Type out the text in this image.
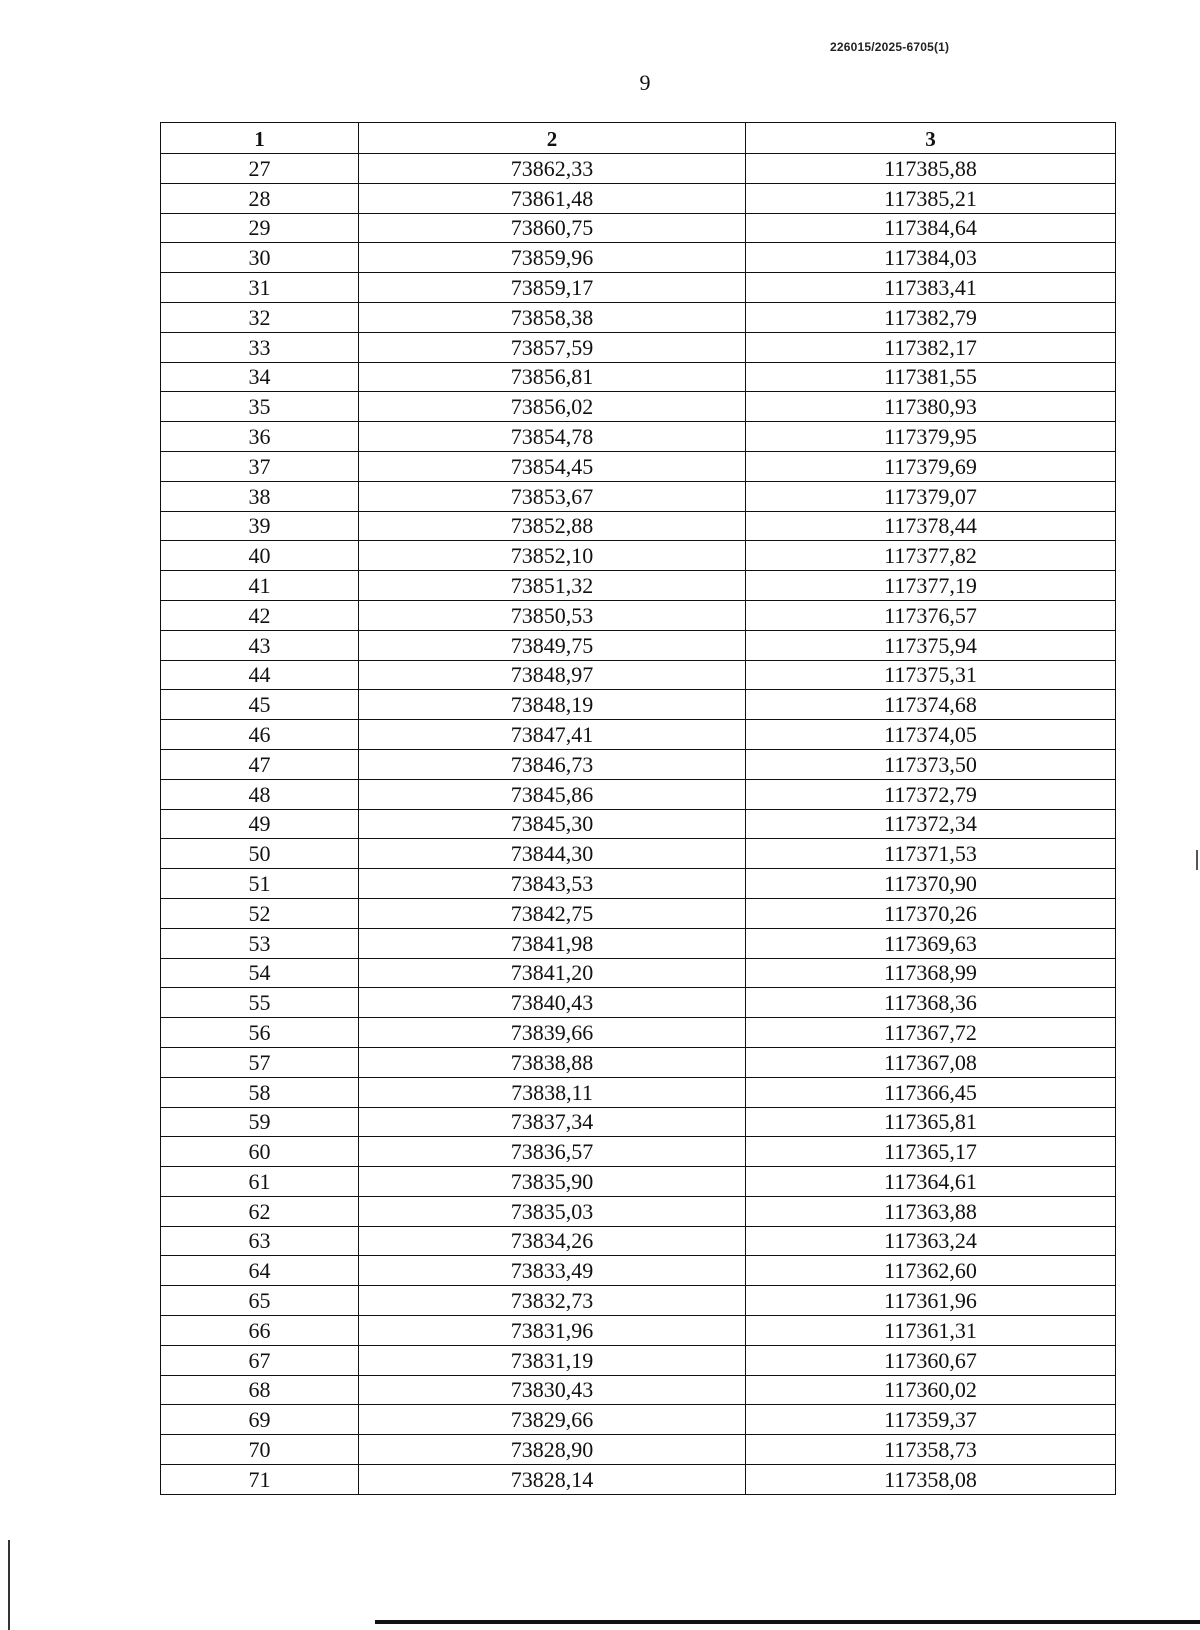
226015/2025-6705(1)
9
1	2	3
27	73862,33	117385,88
28	73861,48	117385,21
29	73860,75	117384,64
30	73859,96	117384,03
31	73859,17	117383,41
32	73858,38	117382,79
33	73857,59	117382,17
34	73856,81	117381,55
35	73856,02	117380,93
36	73854,78	117379,95
37	73854,45	117379,69
38	73853,67	117379,07
39	73852,88	117378,44
40	73852,10	117377,82
41	73851,32	117377,19
42	73850,53	117376,57
43	73849,75	117375,94
44	73848,97	117375,31
45	73848,19	117374,68
46	73847,41	117374,05
47	73846,73	117373,50
48	73845,86	117372,79
49	73845,30	117372,34
50	73844,30	117371,53
51	73843,53	117370,90
52	73842,75	117370,26
53	73841,98	117369,63
54	73841,20	117368,99
55	73840,43	117368,36
56	73839,66	117367,72
57	73838,88	117367,08
58	73838,11	117366,45
59	73837,34	117365,81
60	73836,57	117365,17
61	73835,90	117364,61
62	73835,03	117363,88
63	73834,26	117363,24
64	73833,49	117362,60
65	73832,73	117361,96
66	73831,96	117361,31
67	73831,19	117360,67
68	73830,43	117360,02
69	73829,66	117359,37
70	73828,90	117358,73
71	73828,14	117358,08
